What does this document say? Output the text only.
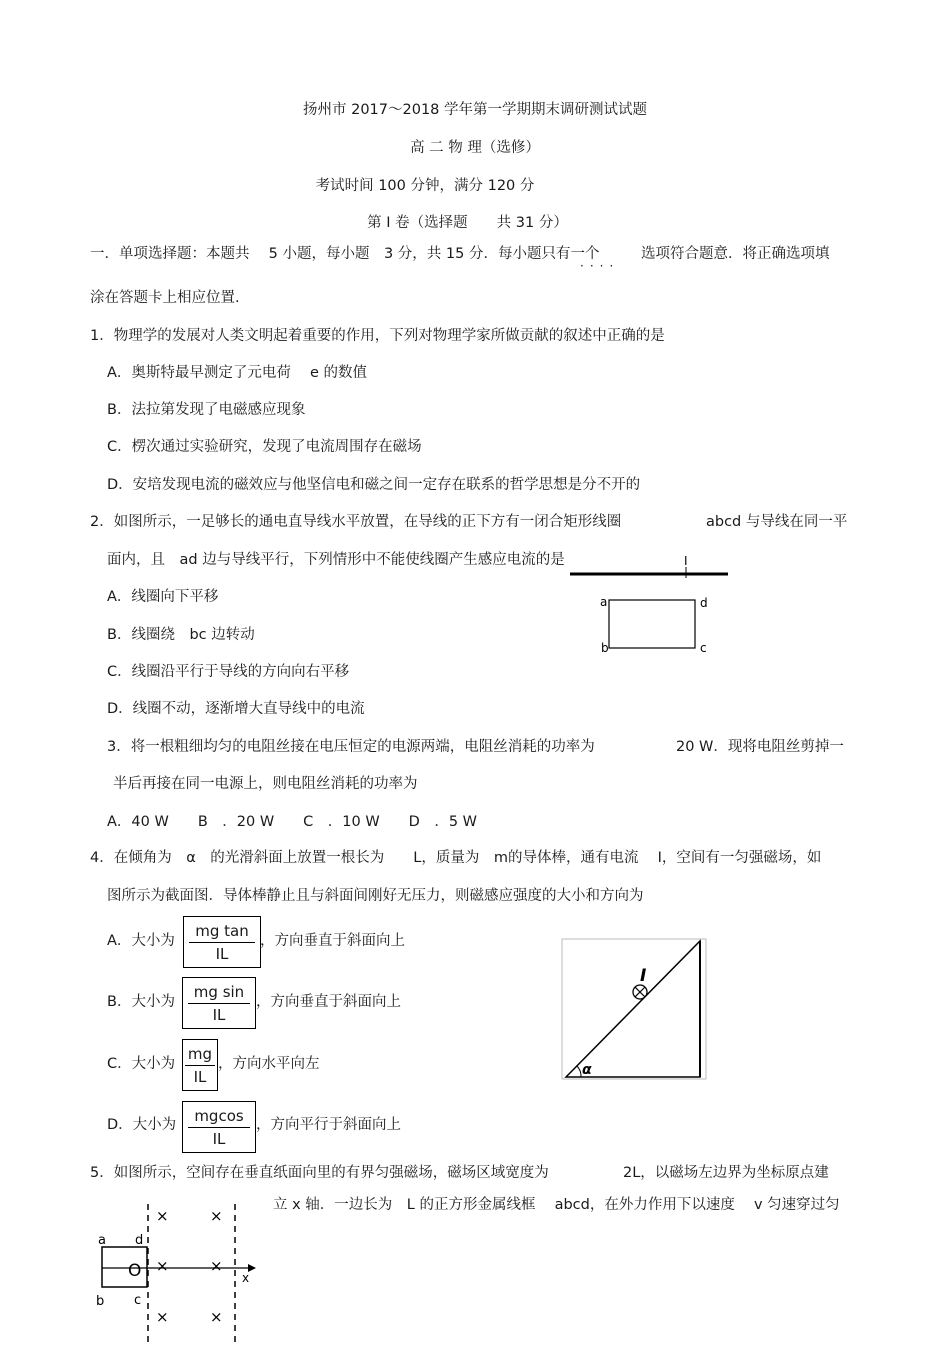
扬州市 2017～2018 学年第一学期期末调研测试试题
高 二 物 理（选修）
考试时间 100 分钟，满分 120 分
第 I 卷（选择题　　共 31 分）
一．单项选择题：本题共　 5 小题，每小题　3 分，共 15 分．每小题只有一个
····
选项符合题意．将正确选项填
涂在答题卡上相应位置.
1．物理学的发展对人类文明起着重要的作用，下列对物理学家所做贡献的叙述中正确的是
A．奥斯特最早测定了元电荷　 e 的数值
B．法拉第发现了电磁感应现象
C．楞次通过实验研究，发现了电流周围存在磁场
D．安培发现电流的磁效应与他坚信电和磁之间一定存在联系的哲学思想是分不开的
2．如图所示，一足够长的通电直导线水平放置，在导线的正下方有一闭合矩形线圈	abcd 与导线在同一平
面内，且　ad 边与导线平行，下列情形中不能使线圈产生感应电流的是
A．线圈向下平移
B．线圈绕　bc 边转动
C．线圈沿平行于导线的方向向右平移
D．线圈不动，逐渐增大直导线中的电流
I
a	d
b	c
3．将一根粗细均匀的电阻丝接在电压恒定的电源两端，电阻丝消耗的功率为	20 W．现将电阻丝剪掉一
半后再接在同一电源上，则电阻丝消耗的功率为
A．40 W　　B　．20 W　　C　．10 W　　D　．5 W
4．在倾角为　α　的光滑斜面上放置一根长为　　L，质量为　m的导体棒，通有电流　 I，空间有一匀强磁场，如
图所示为截面图．导体棒静止且与斜面间刚好无压力，则磁感应强度的大小和方向为
A．大小为
mg tan
IL
，方向垂直于斜面向上
B．大小为
mg sin
IL
，方向垂直于斜面向上
C．大小为
mg
IL
，方向水平向左
D．大小为
mgcos
IL
，方向平行于斜面向上
I
α
5．如图所示，空间存在垂直纸面向里的有界匀强磁场，磁场区域宽度为	2L，以磁场左边界为坐标原点建
立 x 轴．一边长为　L 的正方形金属线框　 abcd，在外力作用下以速度　 v 匀速穿过匀
×	×
×	×
×	×
O	x
a d
b c
